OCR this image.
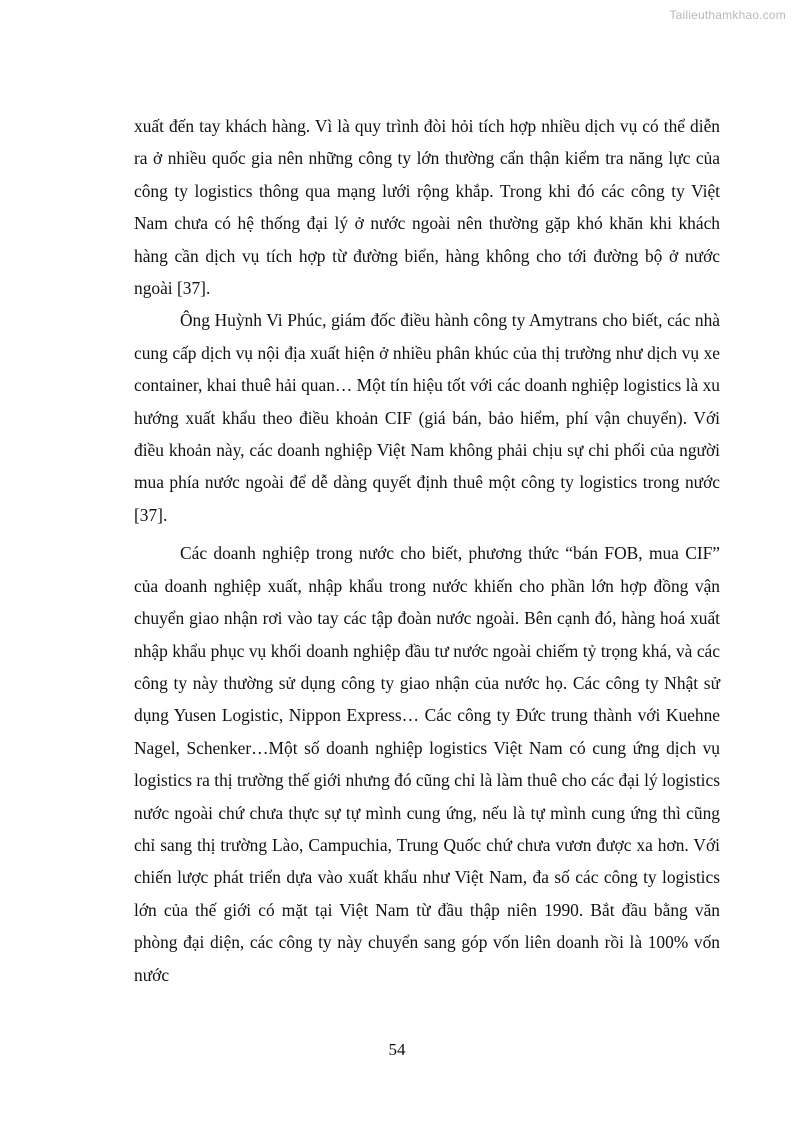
Tailieuthamkhao.com

xuất đến tay khách hàng. Vì là quy trình đòi hỏi tích hợp nhiều dịch vụ có thể diễn ra ở nhiều quốc gia nên những công ty lớn thường cẩn thận kiểm tra năng lực của công ty logistics thông qua mạng lưới rộng khắp. Trong khi đó các công ty Việt Nam chưa có hệ thống đại lý ở nước ngoài nên thường gặp khó khăn khi khách hàng cần dịch vụ tích hợp từ đường biển, hàng không cho tới đường bộ ở nước ngoài [37].

Ông Huỳnh Vi Phúc, giám đốc điều hành công ty Amytrans cho biết, các nhà cung cấp dịch vụ nội địa xuất hiện ở nhiều phân khúc của thị trường như dịch vụ xe container, khai thuê hải quan… Một tín hiệu tốt với các doanh nghiệp logistics là xu hướng xuất khẩu theo điều khoản CIF (giá bán, bảo hiểm, phí vận chuyển). Với điều khoản này, các doanh nghiệp Việt Nam không phải chịu sự chi phối của người mua phía nước ngoài để dễ dàng quyết định thuê một công ty logistics trong nước [37].

Các doanh nghiệp trong nước cho biết, phương thức “bán FOB, mua CIF” của doanh nghiệp xuất, nhập khẩu trong nước khiến cho phần lớn hợp đồng vận chuyển giao nhận rơi vào tay các tập đoàn nước ngoài. Bên cạnh đó, hàng hoá xuất nhập khẩu phục vụ khối doanh nghiệp đầu tư nước ngoài chiếm tỷ trọng khá, và các công ty này thường sử dụng công ty giao nhận của nước họ. Các công ty Nhật sử dụng Yusen Logistic, Nippon Express… Các công ty Đức trung thành với Kuehne Nagel, Schenker…Một số doanh nghiệp logistics Việt Nam có cung ứng dịch vụ logistics ra thị trường thế giới nhưng đó cũng chỉ là làm thuê cho các đại lý logistics nước ngoài chứ chưa thực sự tự mình cung ứng, nếu là tự mình cung ứng thì cũng chỉ sang thị trường Lào, Campuchia, Trung Quốc chứ chưa vươn được xa hơn. Với chiến lược phát triển dựa vào xuất khẩu như Việt Nam, đa số các công ty logistics lớn của thế giới có mặt tại Việt Nam từ đầu thập niên 1990. Bắt đầu bằng văn phòng đại diện, các công ty này chuyển sang góp vốn liên doanh rồi là 100% vốn nước

54
